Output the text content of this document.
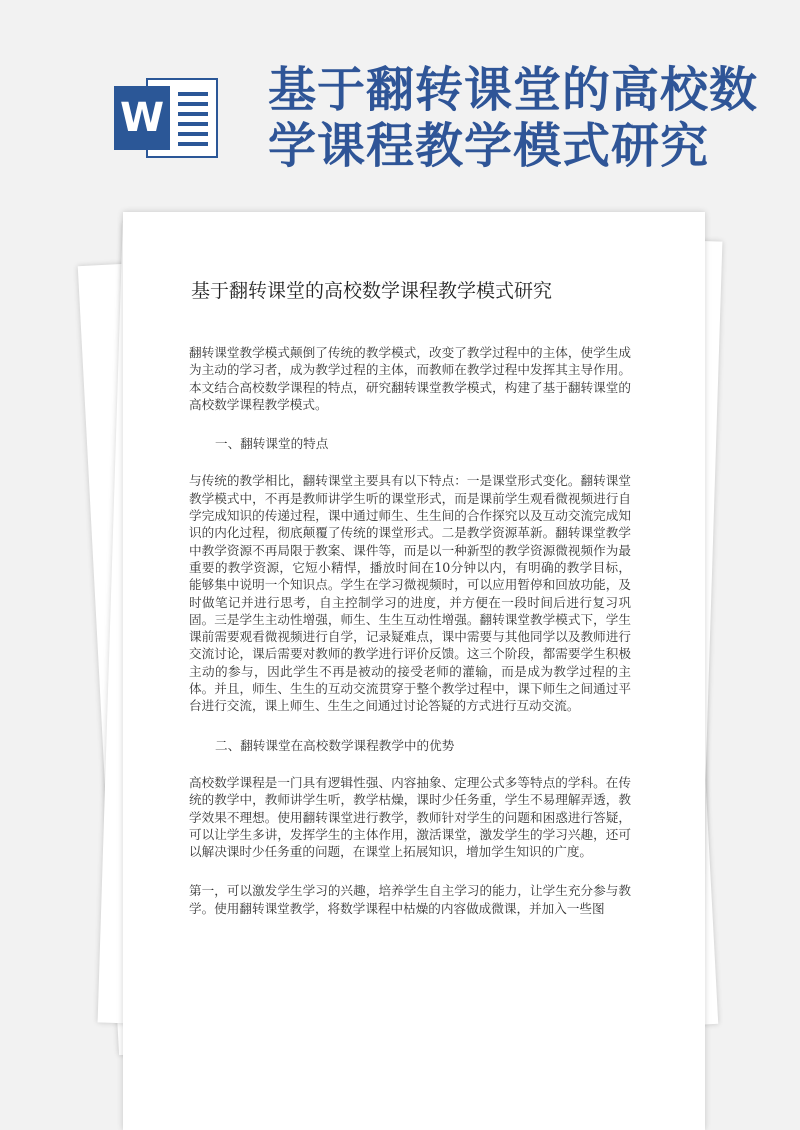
W 基于翻转课堂的高校数学课程教学模式研究
基于翻转课堂的高校数学课程教学模式研究

翻转课堂教学模式颠倒了传统的教学模式，改变了教学过程中的主体，使学生成为主动的学习者，成为教学过程的主体，而教师在教学过程中发挥其主导作用。本文结合高校数学课程的特点，研究翻转课堂教学模式，构建了基于翻转课堂的高校数学课程教学模式。

一、翻转课堂的特点

与传统的教学相比，翻转课堂主要具有以下特点：一是课堂形式变化。翻转课堂教学模式中，不再是教师讲学生听的课堂形式，而是课前学生观看微视频进行自学完成知识的传递过程，课中通过师生、生生间的合作探究以及互动交流完成知识的内化过程，彻底颠覆了传统的课堂形式。二是教学资源革新。翻转课堂教学中教学资源不再局限于教案、课件等，而是以一种新型的教学资源微视频作为最重要的教学资源，它短小精悍，播放时间在10分钟以内，有明确的教学目标，能够集中说明一个知识点。学生在学习微视频时，可以应用暂停和回放功能，及时做笔记并进行思考，自主控制学习的进度，并方便在一段时间后进行复习巩固。三是学生主动性增强，师生、生生互动性增强。翻转课堂教学模式下，学生课前需要观看微视频进行自学，记录疑难点，课中需要与其他同学以及教师进行交流讨论，课后需要对教师的教学进行评价反馈。这三个阶段，都需要学生积极主动的参与，因此学生不再是被动的接受老师的灌输，而是成为教学过程的主体。并且，师生、生生的互动交流贯穿于整个教学过程中，课下师生之间通过平台进行交流，课上师生、生生之间通过讨论答疑的方式进行互动交流。

二、翻转课堂在高校数学课程教学中的优势

高校数学课程是一门具有逻辑性强、内容抽象、定理公式多等特点的学科。在传统的教学中，教师讲学生听，教学枯燥，课时少任务重，学生不易理解弄透，教学效果不理想。使用翻转课堂进行教学，教师针对学生的问题和困惑进行答疑，可以让学生多讲，发挥学生的主体作用，激活课堂，激发学生的学习兴趣，还可以解决课时少任务重的问题，在课堂上拓展知识，增加学生知识的广度。

第一，可以激发学生学习的兴趣，培养学生自主学习的能力，让学生充分参与教学。使用翻转课堂教学，将数学课程中枯燥的内容做成微课，并加入一些图
